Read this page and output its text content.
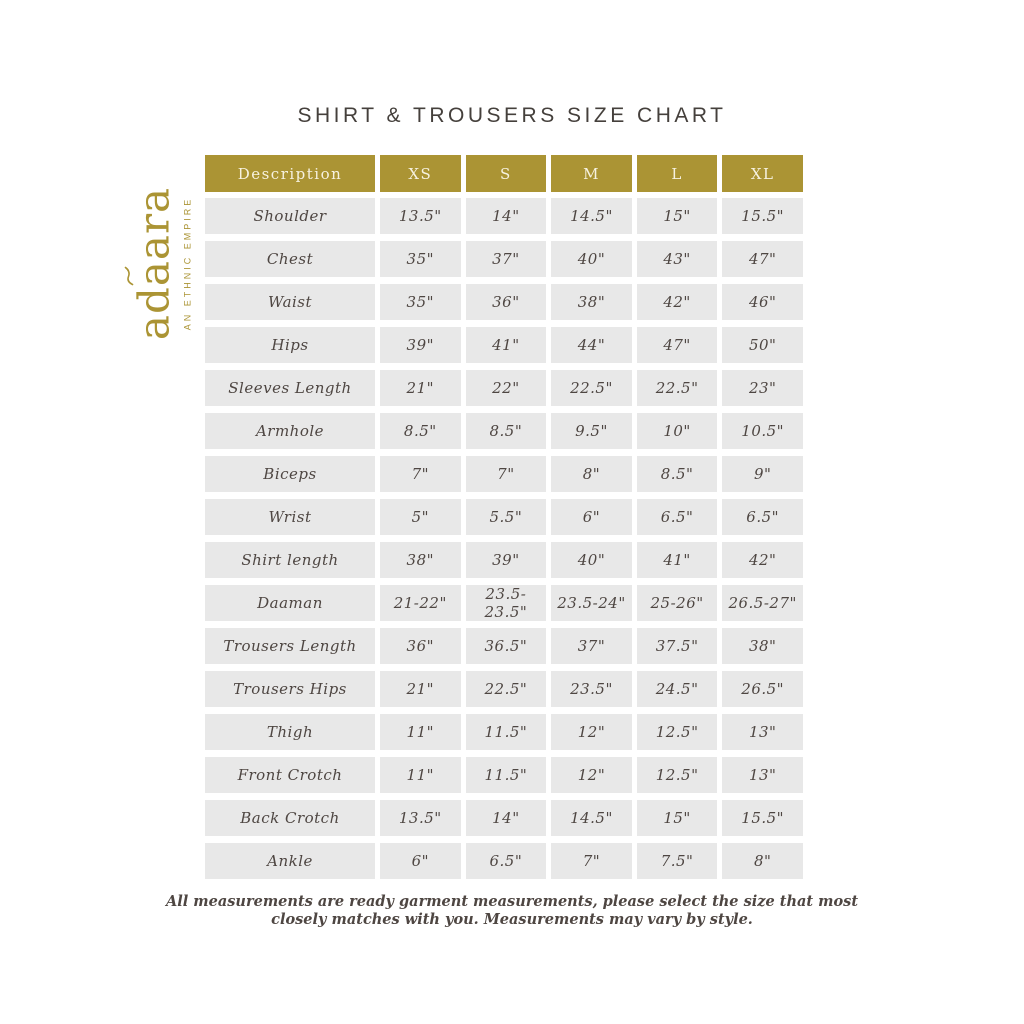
SHIRT & TROUSERS SIZE CHART
ad
aara AN ETHNIC EMPIRE
Description	XS	S	M	L	XL
Shoulder	13.5"	14"	14.5"	15"	15.5"
Chest	35"	37"	40"	43"	47"
Waist	35"	36"	38"	42"	46"
Hips	39"	41"	44"	47"	50"
Sleeves Length	21"	22"	22.5"	22.5"	23"
Armhole	8.5"	8.5"	9.5"	10"	10.5"
Biceps	7"	7"	8"	8.5"	9"
Wrist	5"	5.5"	6"	6.5"	6.5"
Shirt length	38"	39"	40"	41"	42"
Daaman	21-22"	23.5-23.5"	23.5-24"	25-26"	26.5-27"
Trousers Length	36"	36.5"	37"	37.5"	38"
Trousers Hips	21"	22.5"	23.5"	24.5"	26.5"
Thigh	11"	11.5"	12"	12.5"	13"
Front Crotch	11"	11.5"	12"	12.5"	13"
Back Crotch	13.5"	14"	14.5"	15"	15.5"
Ankle	6"	6.5"	7"	7.5"	8"
All measurements are ready garment measurements, please select the size that most
closely matches with you. Measurements may vary by style.
